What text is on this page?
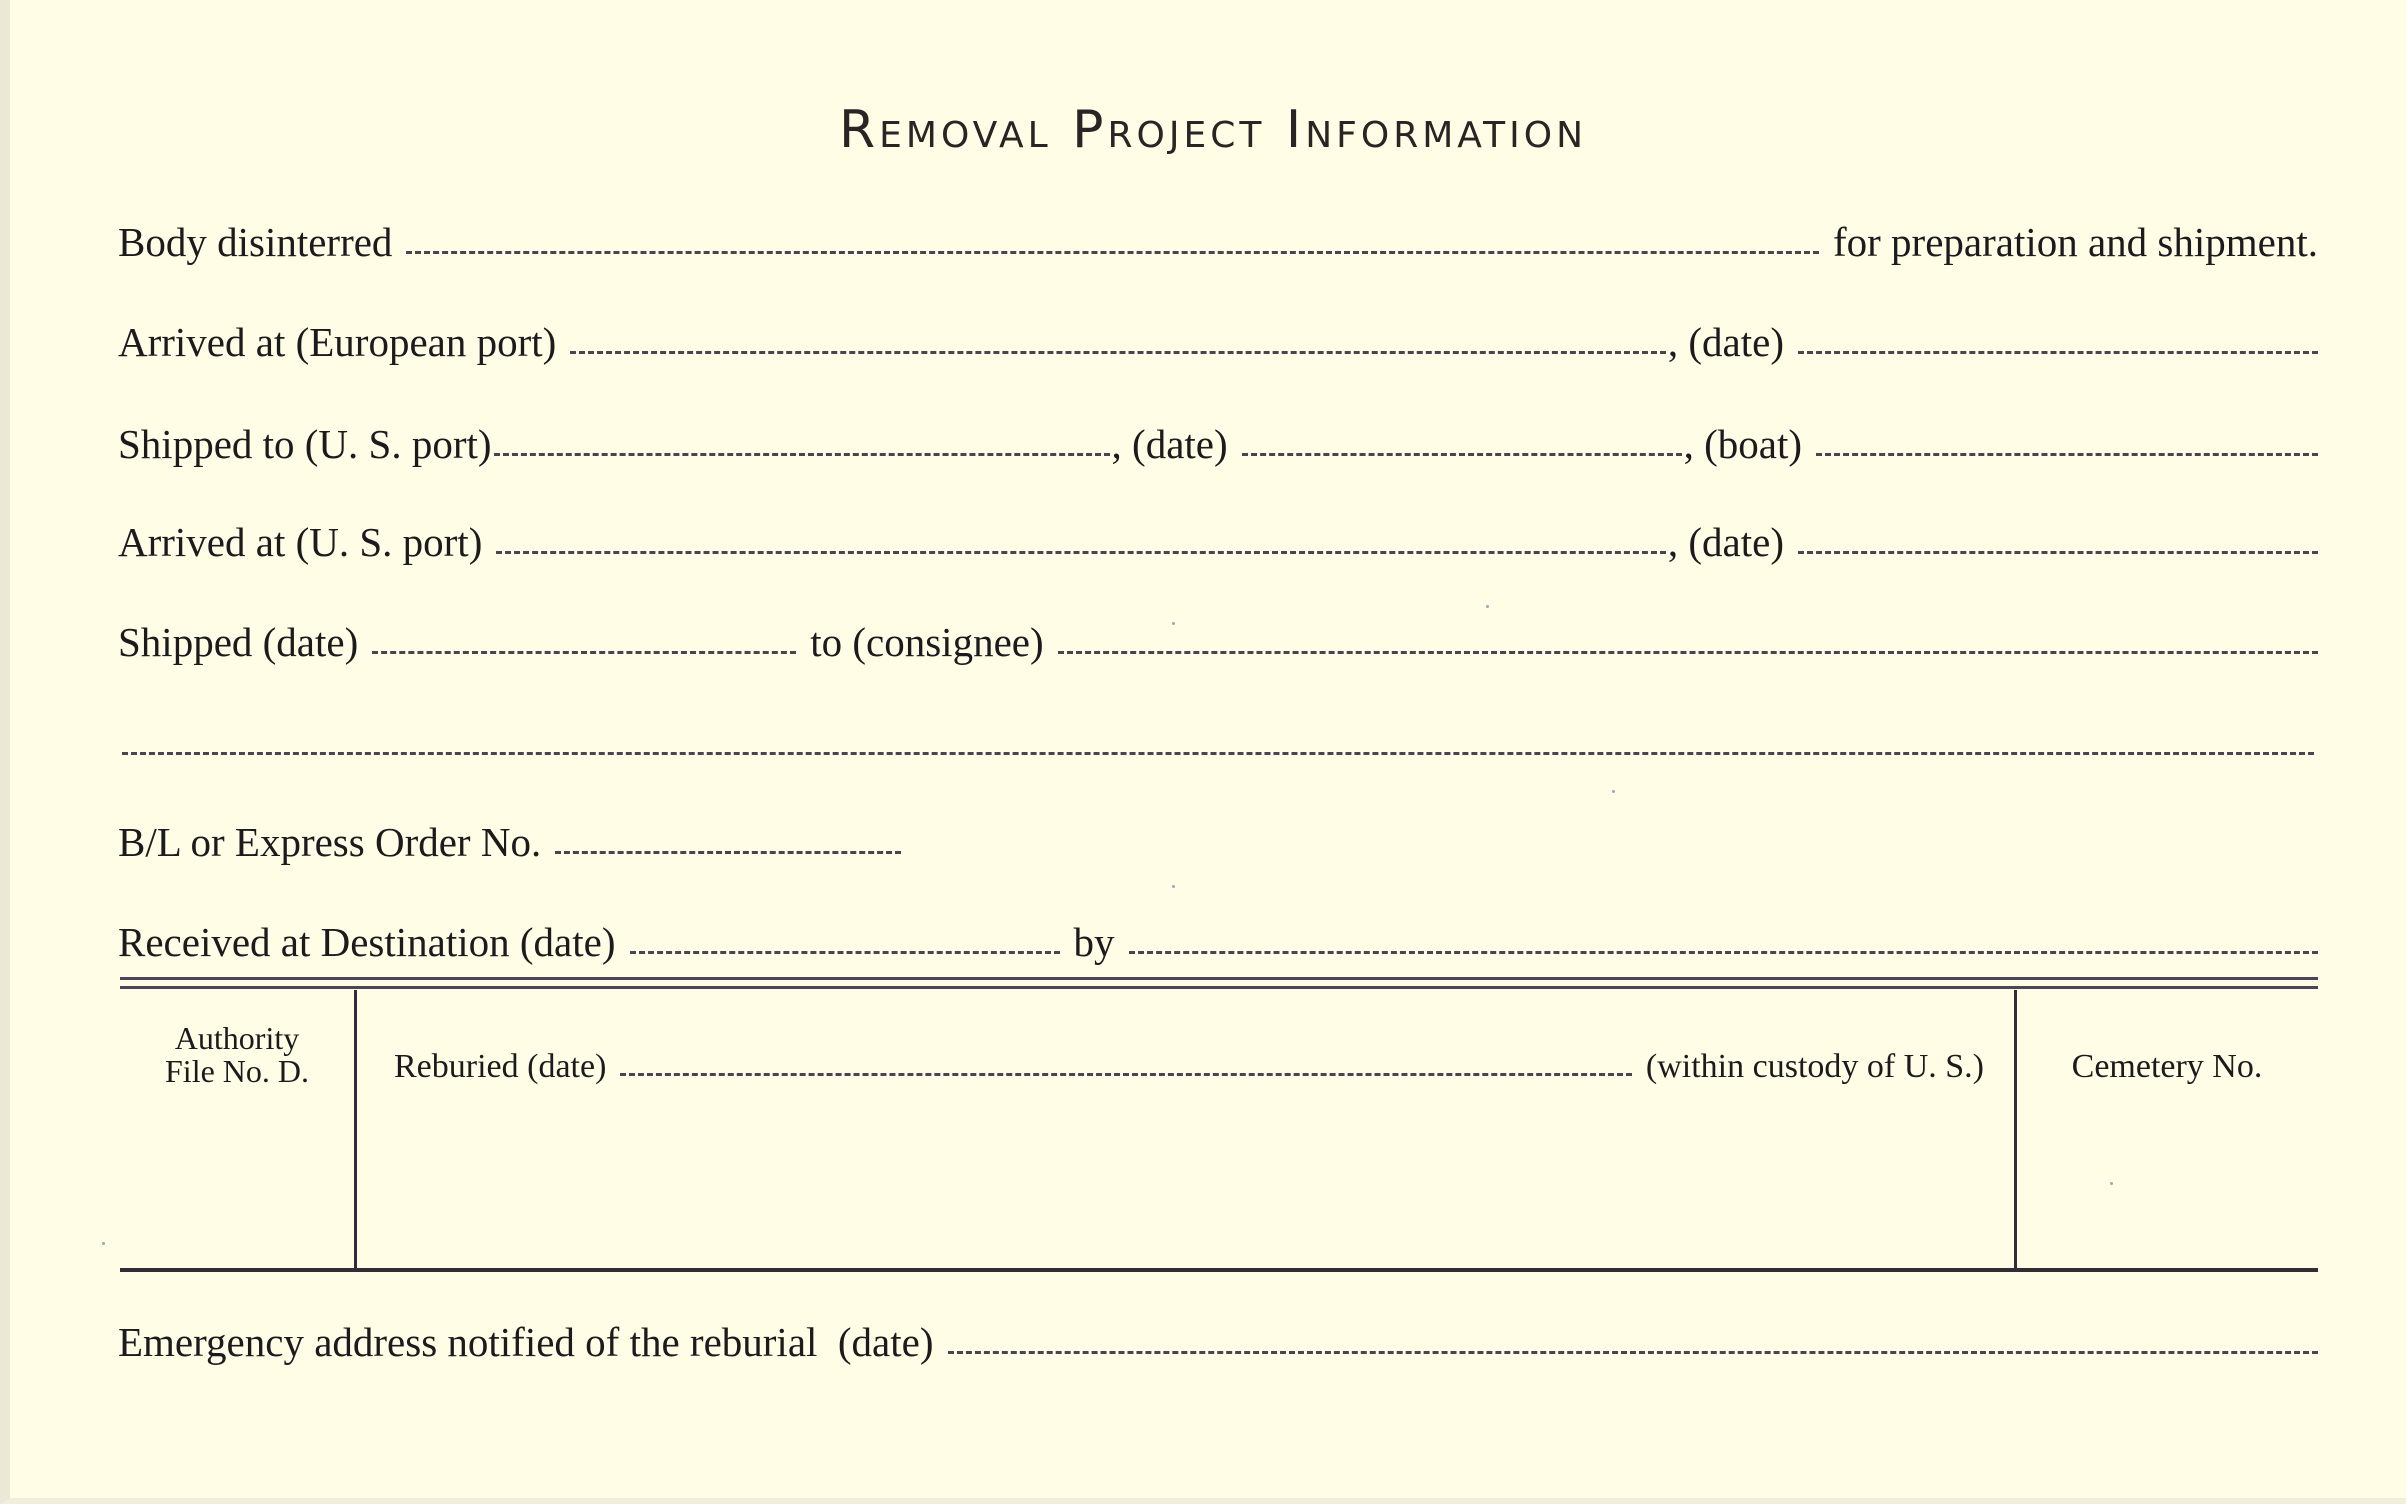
Removal Project Information
Body disinterred	for preparation and shipment.
Arrived at (European port)	, (date)
Shipped to (U. S. port)	, (date)	, (boat)
Arrived at (U. S. port)	, (date)
Shipped (date)	to (consignee)
B/L or Express Order No.
Received at Destination (date)	by
Authority
File No. D.	Reburied (date)	(within custody of U. S.)	Cemetery No.
Emergency address notified of the reburial  (date)
